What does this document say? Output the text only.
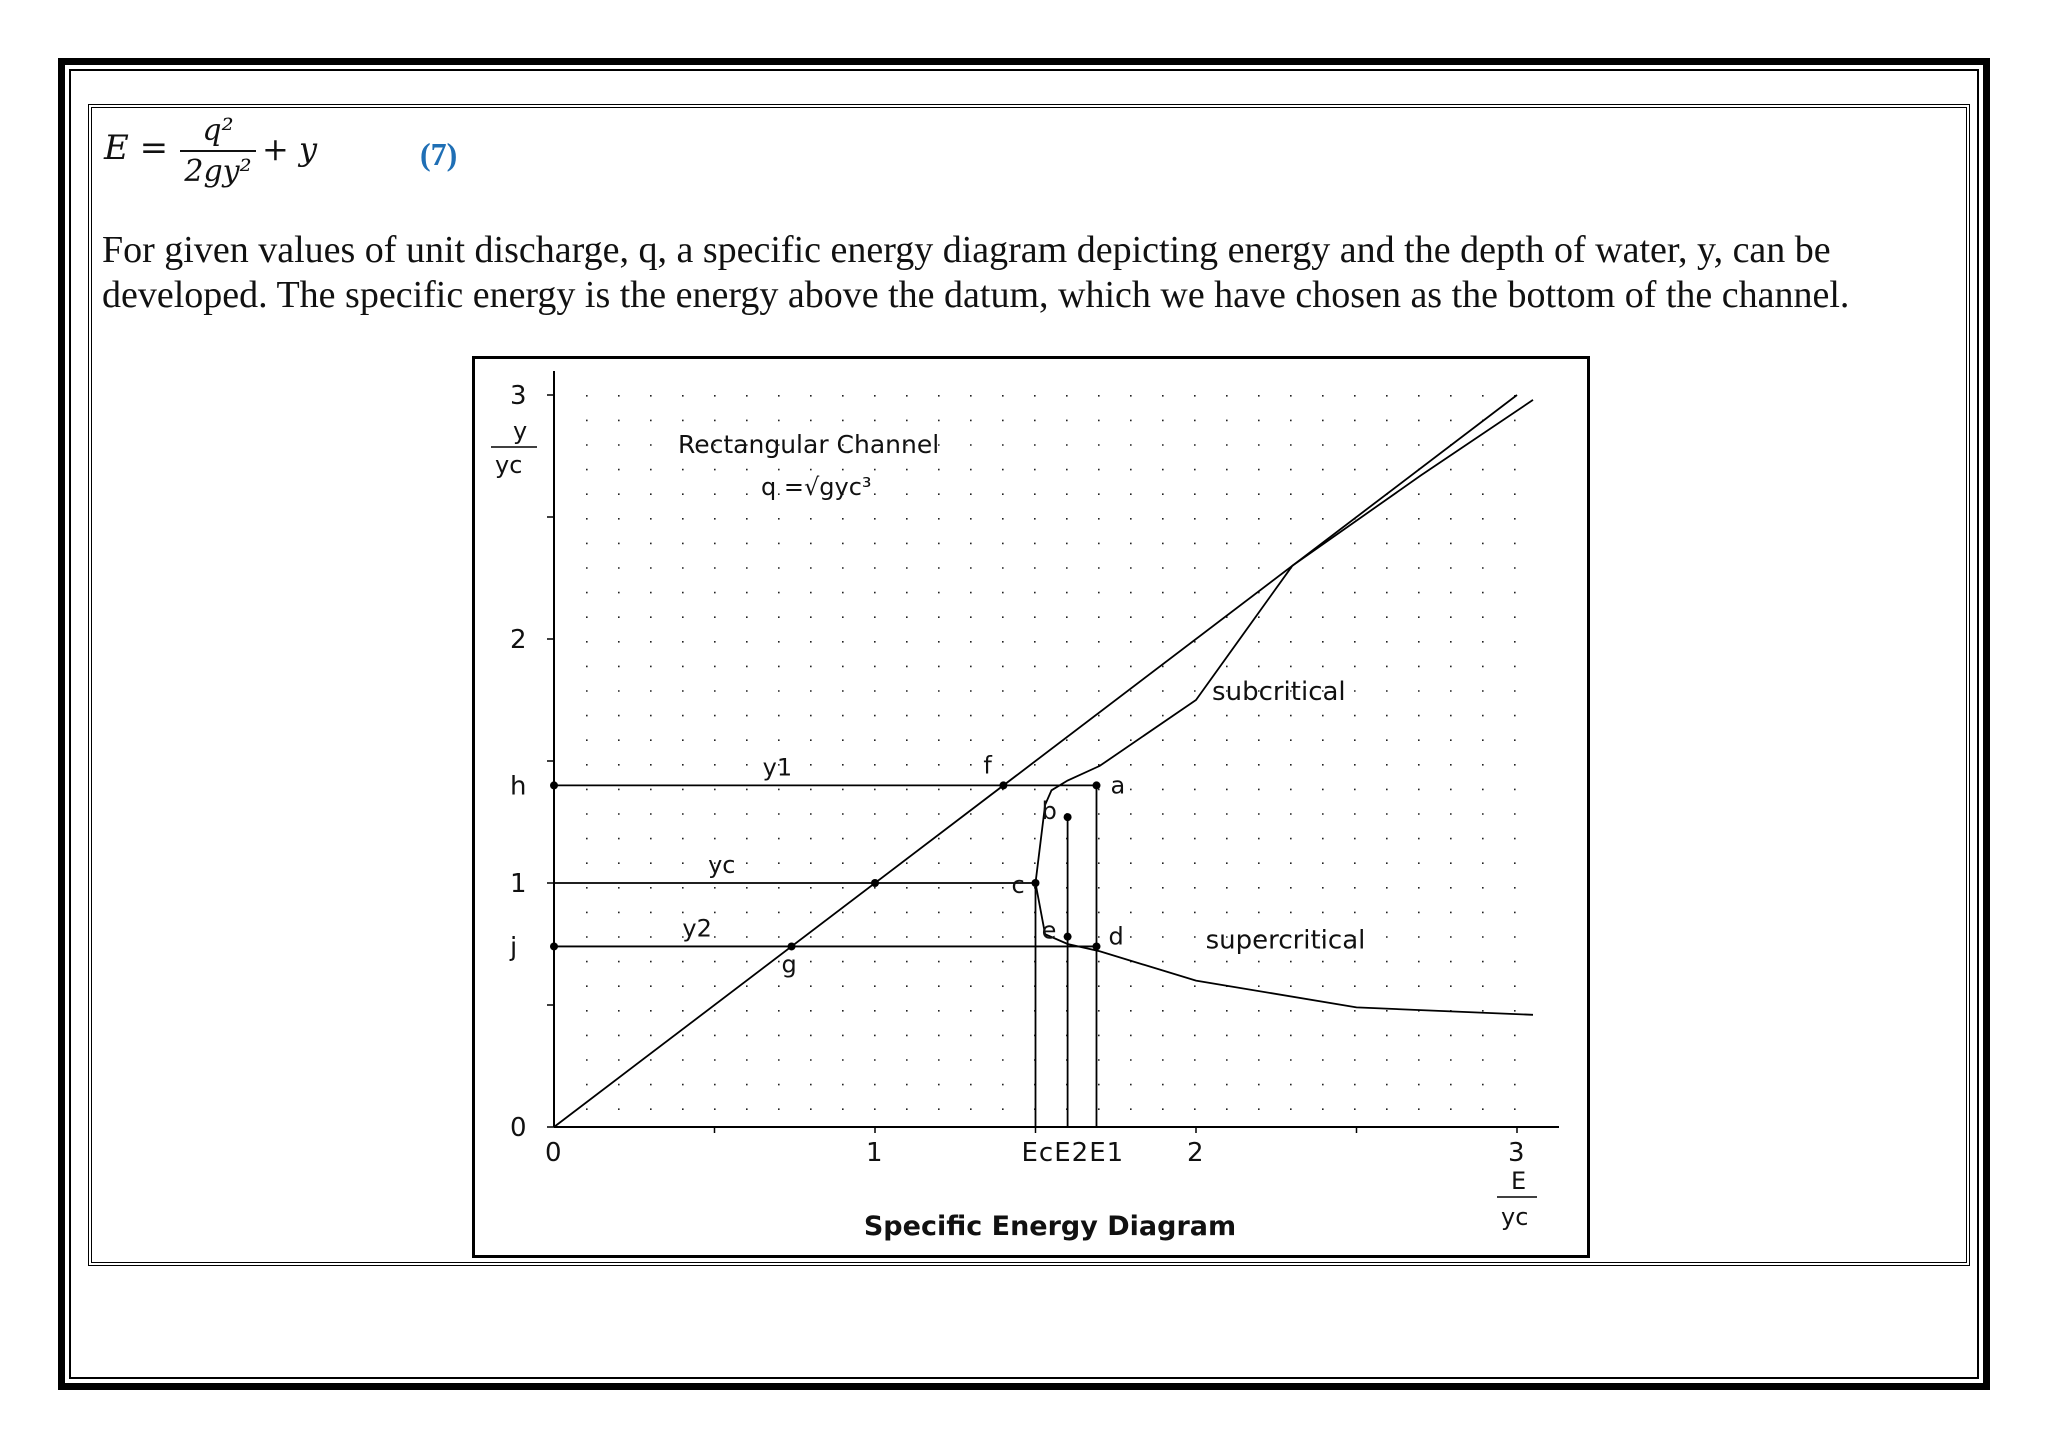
E =	q²
2gy²
+ y	(7)

For given values of unit discharge, q, a specific energy diagram depicting energy and the depth of water, y, can be developed. The specific energy is the energy above the datum, which we have chosen as the bottom of the channel.

0
j
1
h
2
3
0	1	EcE2E1 2	3
y
yc
E
yc
Specific Energy Diagram
Rectangular Channel
q =√gyc³
y1
yc
y2
a
b
c
d
e
f
g
subcritical
supercritical
